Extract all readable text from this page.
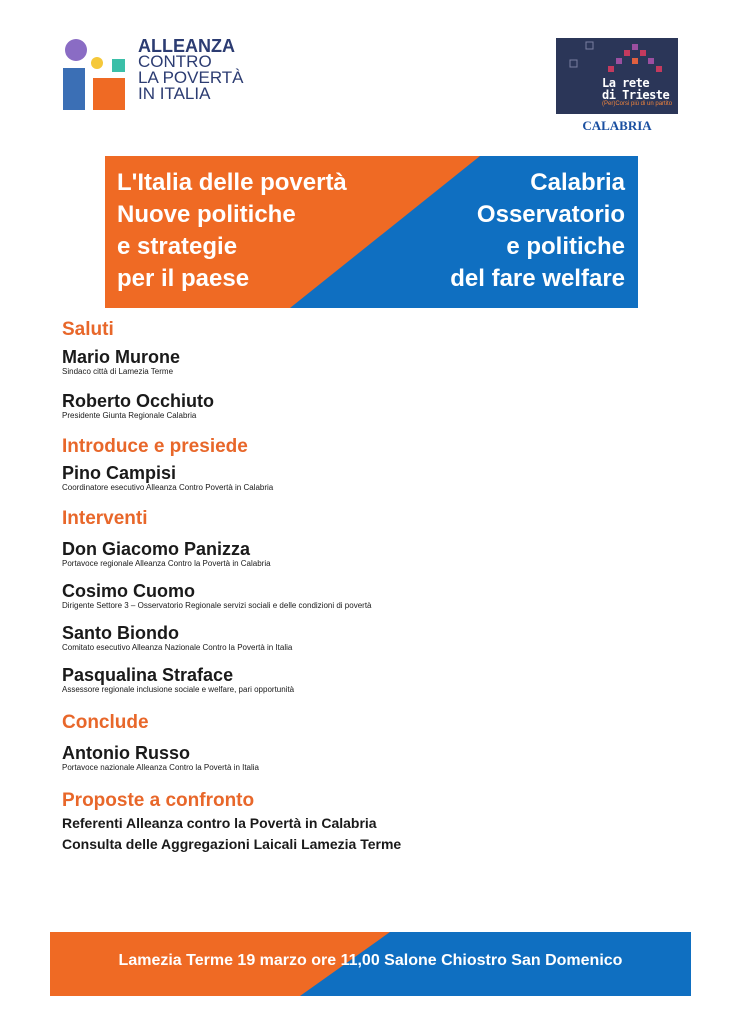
ALLEANZA
CONTRO
LA POVERTÀ
IN ITALIA
La rete
di Trieste
(Per)Corsi più di un partito
CALABRIA
L'Italia delle povertà
Nuove politiche
e strategie
per il paese
Calabria
Osservatorio
e politiche
del fare welfare
Saluti
Mario Murone
Sindaco città di Lamezia Terme
Roberto Occhiuto
Presidente Giunta Regionale Calabria
Introduce e presiede
Pino Campisi
Coordinatore esecutivo Alleanza Contro Povertà in Calabria
Interventi
Don Giacomo Panizza
Portavoce regionale Alleanza Contro la Povertà in Calabria
Cosimo Cuomo
Dirigente Settore 3 – Osservatorio Regionale servizi sociali e delle condizioni di povertà
Santo Biondo
Comitato esecutivo Alleanza Nazionale Contro la Povertà in Italia
Pasqualina Straface
Assessore regionale inclusione sociale e welfare, pari opportunità
Conclude
Antonio Russo
Portavoce nazionale Alleanza Contro la Povertà in Italia
Proposte a confronto
Referenti Alleanza contro la Povertà in Calabria
Consulta delle Aggregazioni Laicali Lamezia Terme
Lamezia Terme 19 marzo ore 11,00 Salone Chiostro San Domenico
